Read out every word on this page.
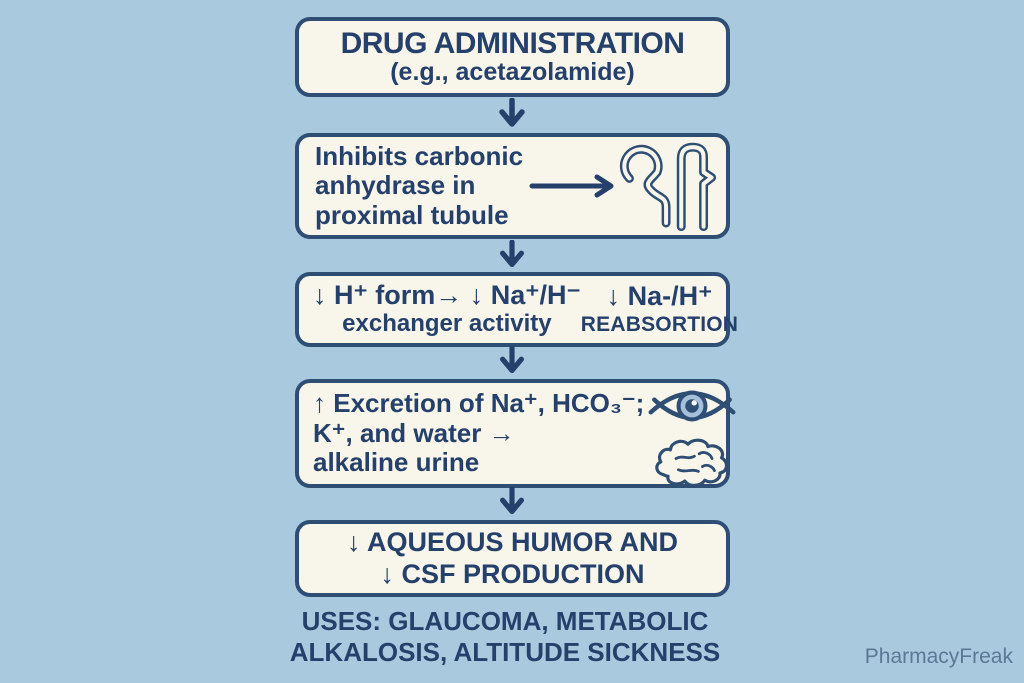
DRUG ADMINISTRATION
(e.g., acetazolamide)
Inhibits carbonic
anhydrase in
proximal tubule
↓ H⁺ form→ ↓ Na⁺/H⁻
exchanger activity
↓ Na-/H⁺
REABSORTION
↑ Excretion of Na⁺, HCO₃⁻;
K⁺, and water →
alkaline urine
↓ AQUEOUS HUMOR AND
↓ CSF PRODUCTION
USES: GLAUCOMA, METABOLIC
ALKALOSIS, ALTITUDE SICKNESS	PharmacyFreak
